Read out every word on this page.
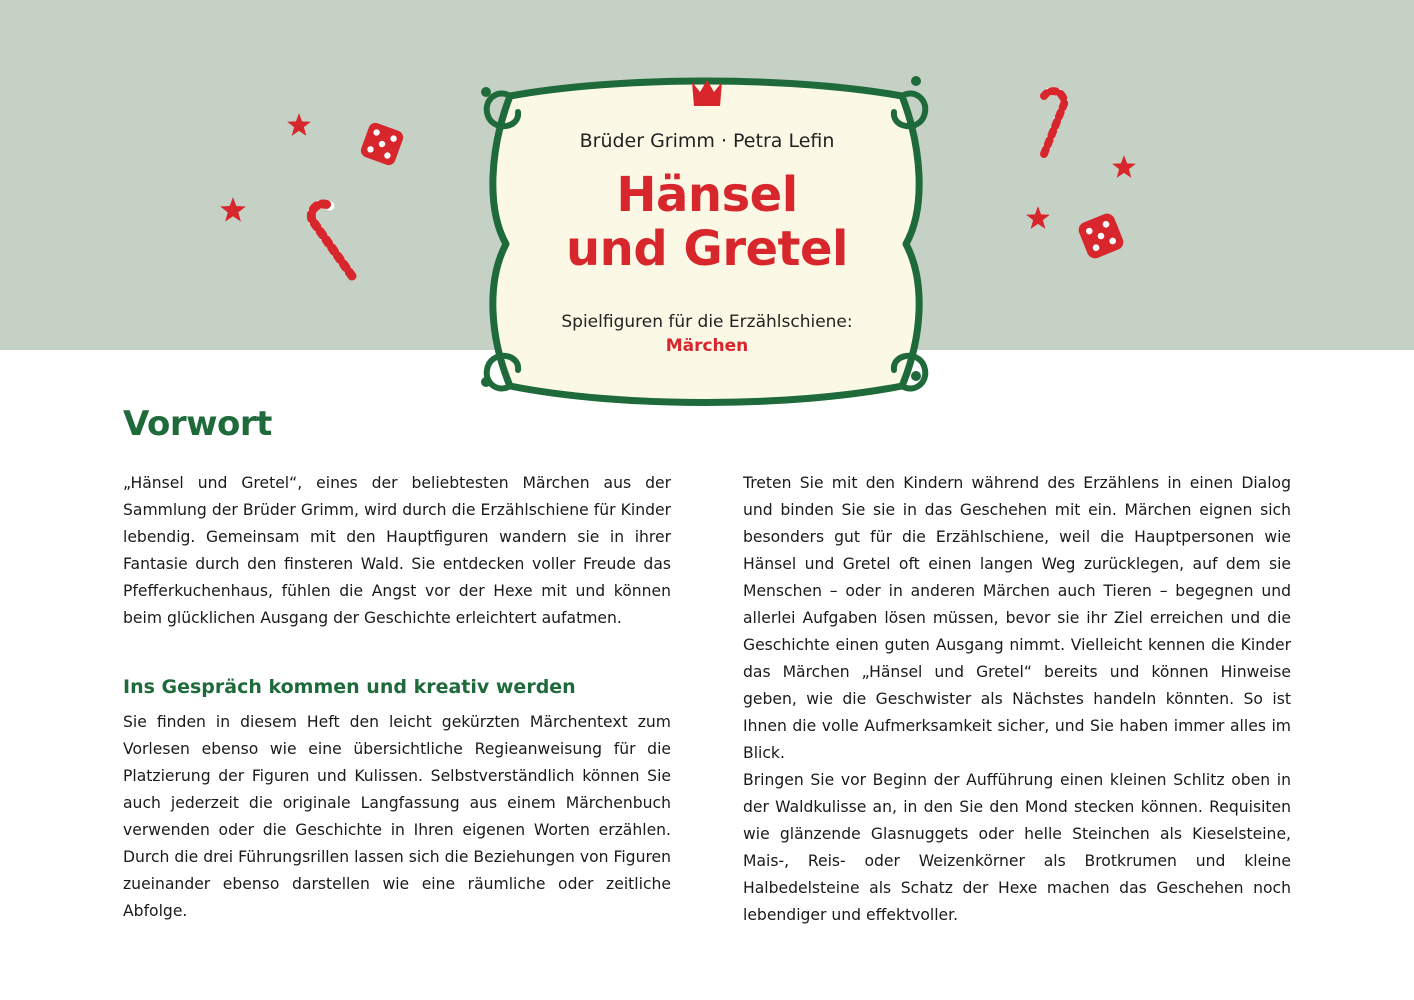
Brüder Grimm · Petra Lefin
Hänsel
und Gretel
Spielfiguren für die Erzählschiene:
Märchen
Vorwort

„Hänsel und Gretel“, eines der beliebtesten Märchen aus der Sammlung der Brüder Grimm, wird durch die Erzählschiene für Kinder lebendig. Gemeinsam mit den Hauptfiguren wandern sie in ihrer Fantasie durch den finsteren Wald. Sie entdecken voller Freude das Pfefferkuchenhaus, fühlen die Angst vor der Hexe mit und können beim glücklichen Ausgang der Geschichte erleichtert aufatmen.

Ins Gespräch kommen und kreativ werden

Sie finden in diesem Heft den leicht gekürzten Märchentext zum Vorlesen ebenso wie eine übersichtliche Regieanweisung für die Platzierung der Figuren und Kulissen. Selbstverständlich können Sie auch jederzeit die originale Langfassung aus einem Märchenbuch verwenden oder die Geschichte in Ihren eigenen Worten erzählen. Durch die drei Führungsrillen lassen sich die Beziehungen von Figuren zueinander ebenso darstellen wie eine räumliche oder zeitliche Abfolge.

Treten Sie mit den Kindern während des Erzählens in einen Dialog und binden Sie sie in das Geschehen mit ein. Märchen eignen sich besonders gut für die Erzählschiene, weil die Hauptpersonen wie Hänsel und Gretel oft einen langen Weg zurücklegen, auf dem sie Menschen – oder in anderen Märchen auch Tieren – begegnen und allerlei Aufgaben lösen müssen, bevor sie ihr Ziel erreichen und die Geschichte einen guten Ausgang nimmt. Vielleicht kennen die Kinder das Märchen „Hänsel und Gretel“ bereits und können Hinweise geben, wie die Geschwister als Nächstes handeln könnten. So ist Ihnen die volle Aufmerksamkeit sicher, und Sie haben immer alles im Blick.

Bringen Sie vor Beginn der Aufführung einen kleinen Schlitz oben in der Waldkulisse an, in den Sie den Mond stecken können. Requisiten wie glänzende Glasnuggets oder helle Steinchen als Kieselsteine, Mais-, Reis- oder Weizenkörner als Brotkrumen und kleine Halbedelsteine als Schatz der Hexe machen das Geschehen noch lebendiger und effektvoller.
